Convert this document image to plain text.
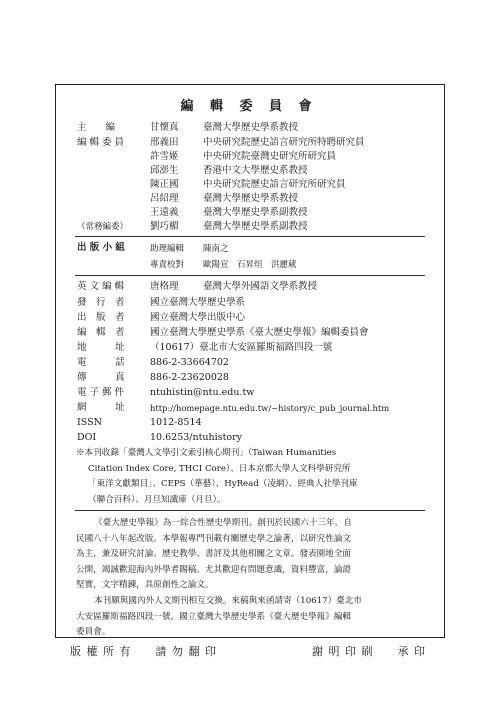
編 輯 委 員 會
主　　編	甘懷真	臺灣大學歷史學系教授
編 輯 委 員	邢義田	中央研究院歷史語言研究所特聘研究員
許雪姬	中央研究院臺灣史研究所研究員
邱澎生	香港中文大學歷史系教授
陳正國	中央研究院歷史語言研究所研究員
呂紹理	臺灣大學歷史學系教授
王遠義	臺灣大學歷史學系副教授
（常務編委） 劉巧楣	臺灣大學歷史學系副教授
出 版 小 組	助理編輯 陳南之
專責校對 歐陽宣　石昇烜　洪麗葳
英 文 編 輯	唐格理	臺灣大學外國語文學系教授
發　行　者	國立臺灣大學歷史學系
出　版　者	國立臺灣大學出版中心
編　輯　者	國立臺灣大學歷史學系《臺大歷史學報》編輯委員會
地　　　址	（10617）臺北市大安區羅斯福路四段一號
電　　　話	886-2-33664702
傳　　　真	886-2-23620028
電 子 郵 件	ntuhistin@ntu.edu.tw
網　　　址	http://homepage.ntu.edu.tw/~history/c_pub_journal.htm
ISSN	1012-8514
DOI	10.6253/ntuhistory
※本刊收錄「臺灣人文學引文索引核心期刊」（Taiwan Humanities
Citation Index Core, THCI Core）、日本京都大學人文科學研究所
「東洋文獻類目」、CEPS（華藝）、HyRead（凌網）、經典人社學刊庫
（聯合百科）、月旦知識庫（月旦）。
《臺大歷史學報》為一綜合性歷史學期刊。創刊於民國六十三年，自
民國八十八年起改版。本學報專門刊載有關歷史學之論著，以研究性論文
為主，兼及研究討論、歷史教學、書評及其他相關之文章。發表園地全面
公開，竭誠歡迎海內外學者賜稿。尤其歡迎有問題意識，資料豐富，論證
堅實，文字精鍊，具原創性之論文。
本刊願與國內外人文期刊相互交換。來稿與來函請寄（10617）臺北市
大安區羅斯福路四段一號，國立臺灣大學歷史學系《臺大歷史學報》編輯
委員會。
版 權 所 有　　請 勿 翻 印	謝 明 印 刷　　承 印
